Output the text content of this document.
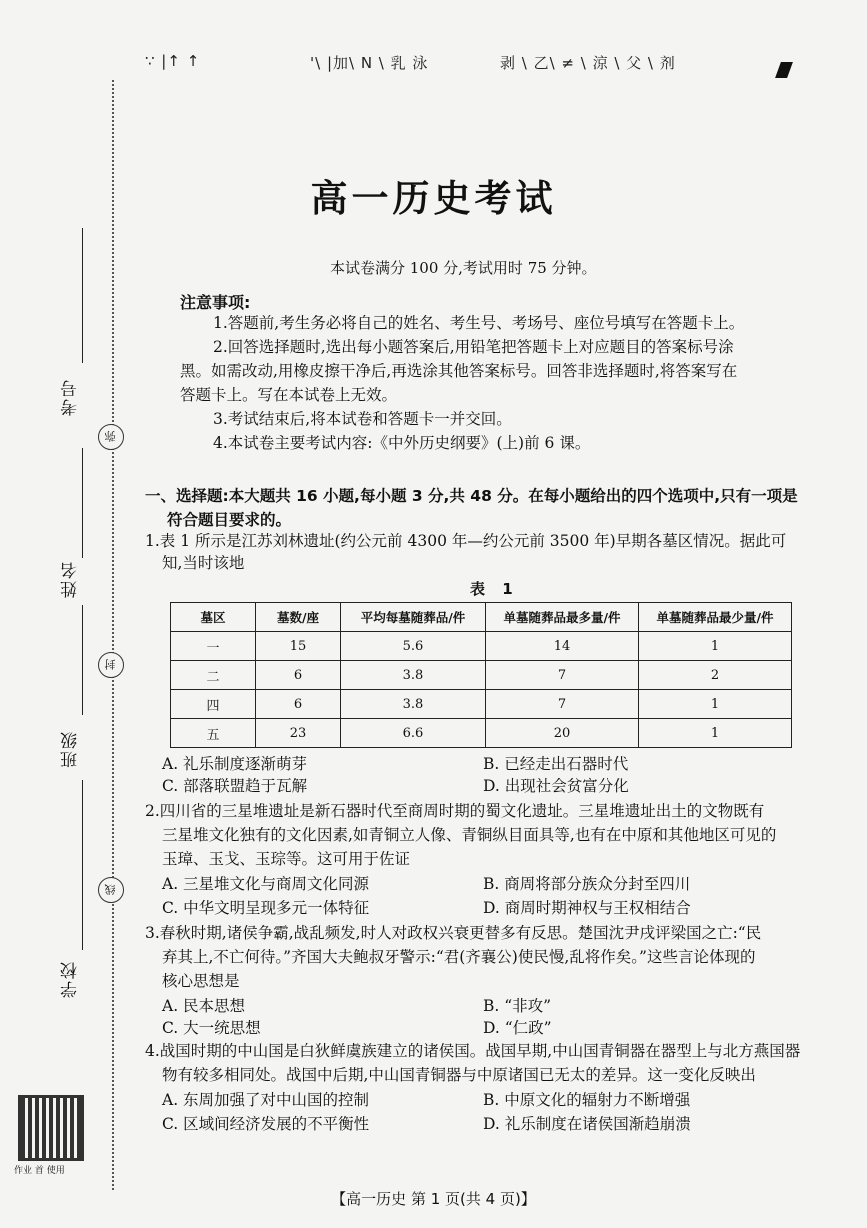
∵ |↑ ↑	'\ |加\ N \ 乳 泳	剥 \ 乙\ ≠ \ 涼 \ 父 \ 剂
考号
弥
姓名
封
班级
线
学校
作业 首 使用
高一历史考试
本试卷满分 100 分,考试用时 75 分钟。
注意事项:
1.答题前,考生务必将自己的姓名、考生号、考场号、座位号填写在答题卡上。
2.回答选择题时,选出每小题答案后,用铅笔把答题卡上对应题目的答案标号涂
黑。如需改动,用橡皮擦干净后,再选涂其他答案标号。回答非选择题时,将答案写在
答题卡上。写在本试卷上无效。
3.考试结束后,将本试卷和答题卡一并交回。
4.本试卷主要考试内容:《中外历史纲要》(上)前 6 课。
一、选择题:本大题共 16 小题,每小题 3 分,共 48 分。在每小题给出的四个选项中,只有一项是
符合题目要求的。
1.表 1 所示是江苏刘林遗址(约公元前 4300 年—约公元前 3500 年)早期各墓区情况。据此可
知,当时该地
表 1
墓区	墓数/座	平均每墓随葬品/件	单墓随葬品最多量/件	单墓随葬品最少量/件
一	15	5.6	14	1
二	6	3.8	7	2
四	6	3.8	7	1
五	23	6.6	20	1
A. 礼乐制度逐渐萌芽	B. 已经走出石器时代
C. 部落联盟趋于瓦解	D. 出现社会贫富分化
2.四川省的三星堆遗址是新石器时代至商周时期的蜀文化遗址。三星堆遗址出土的文物既有
三星堆文化独有的文化因素,如青铜立人像、青铜纵目面具等,也有在中原和其他地区可见的
玉璋、玉戈、玉琮等。这可用于佐证
A. 三星堆文化与商周文化同源	B. 商周将部分族众分封至四川
C. 中华文明呈现多元一体特征	D. 商周时期神权与王权相结合
3.春秋时期,诸侯争霸,战乱频发,时人对政权兴衰更替多有反思。楚国沈尹戌评梁国之亡:“民
弃其上,不亡何待。”齐国大夫鲍叔牙警示:“君(齐襄公)使民慢,乱将作矣。”这些言论体现的
核心思想是
A. 民本思想	B. “非攻”
C. 大一统思想	D. “仁政”
4.战国时期的中山国是白狄鲜虞族建立的诸侯国。战国早期,中山国青铜器在器型上与北方燕国器
物有较多相同处。战国中后期,中山国青铜器与中原诸国已无太的差异。这一变化反映出
A. 东周加强了对中山国的控制	B. 中原文化的辐射力不断增强
C. 区域间经济发展的不平衡性	D. 礼乐制度在诸侯国渐趋崩溃
【高一历史 第 1 页(共 4 页)】
